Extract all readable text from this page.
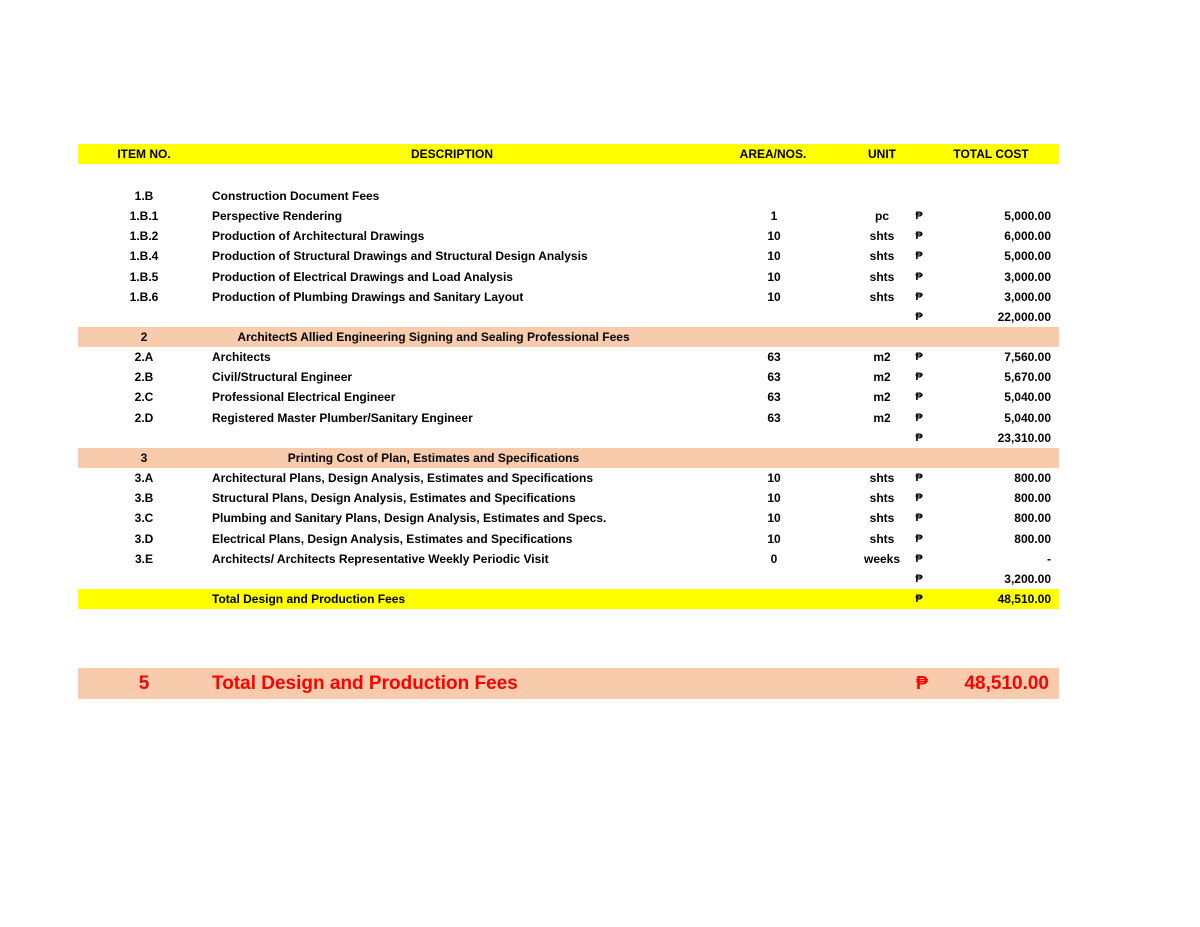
ITEM NO.	DESCRIPTION	AREA/NOS.	UNIT	TOTAL COST
1.B	Construction Document Fees
1.B.1	Perspective Rendering	1	pc	₱	5,000.00
1.B.2	Production of Architectural Drawings	10	shts	₱	6,000.00
1.B.4	Production of Structural Drawings and Structural Design Analysis	10	shts	₱	5,000.00
1.B.5	Production of Electrical Drawings and Load Analysis	10	shts	₱	3,000.00
1.B.6	Production of Plumbing Drawings and Sanitary Layout	10	shts	₱	3,000.00
₱	22,000.00
2	ArchitectS Allied Engineering Signing and Sealing Professional Fees
2.A	Architects	63	m2	₱	7,560.00
2.B	Civil/Structural Engineer	63	m2	₱	5,670.00
2.C	Professional Electrical Engineer	63	m2	₱	5,040.00
2.D	Registered Master Plumber/Sanitary Engineer	63	m2	₱	5,040.00
₱	23,310.00
3	Printing Cost of Plan, Estimates and Specifications
3.A	Architectural Plans, Design Analysis, Estimates and Specifications	10	shts	₱	800.00
3.B	Structural Plans, Design Analysis, Estimates and Specifications	10	shts	₱	800.00
3.C	Plumbing and Sanitary Plans, Design Analysis, Estimates and Specs.	10	shts	₱	800.00
3.D	Electrical Plans, Design Analysis, Estimates and Specifications	10	shts	₱	800.00
3.E	Architects/ Architects Representative Weekly Periodic Visit	0	weeks	₱	-
₱	3,200.00
Total Design and Production Fees	₱	48,510.00
5	Total Design and Production Fees	₱	48,510.00
